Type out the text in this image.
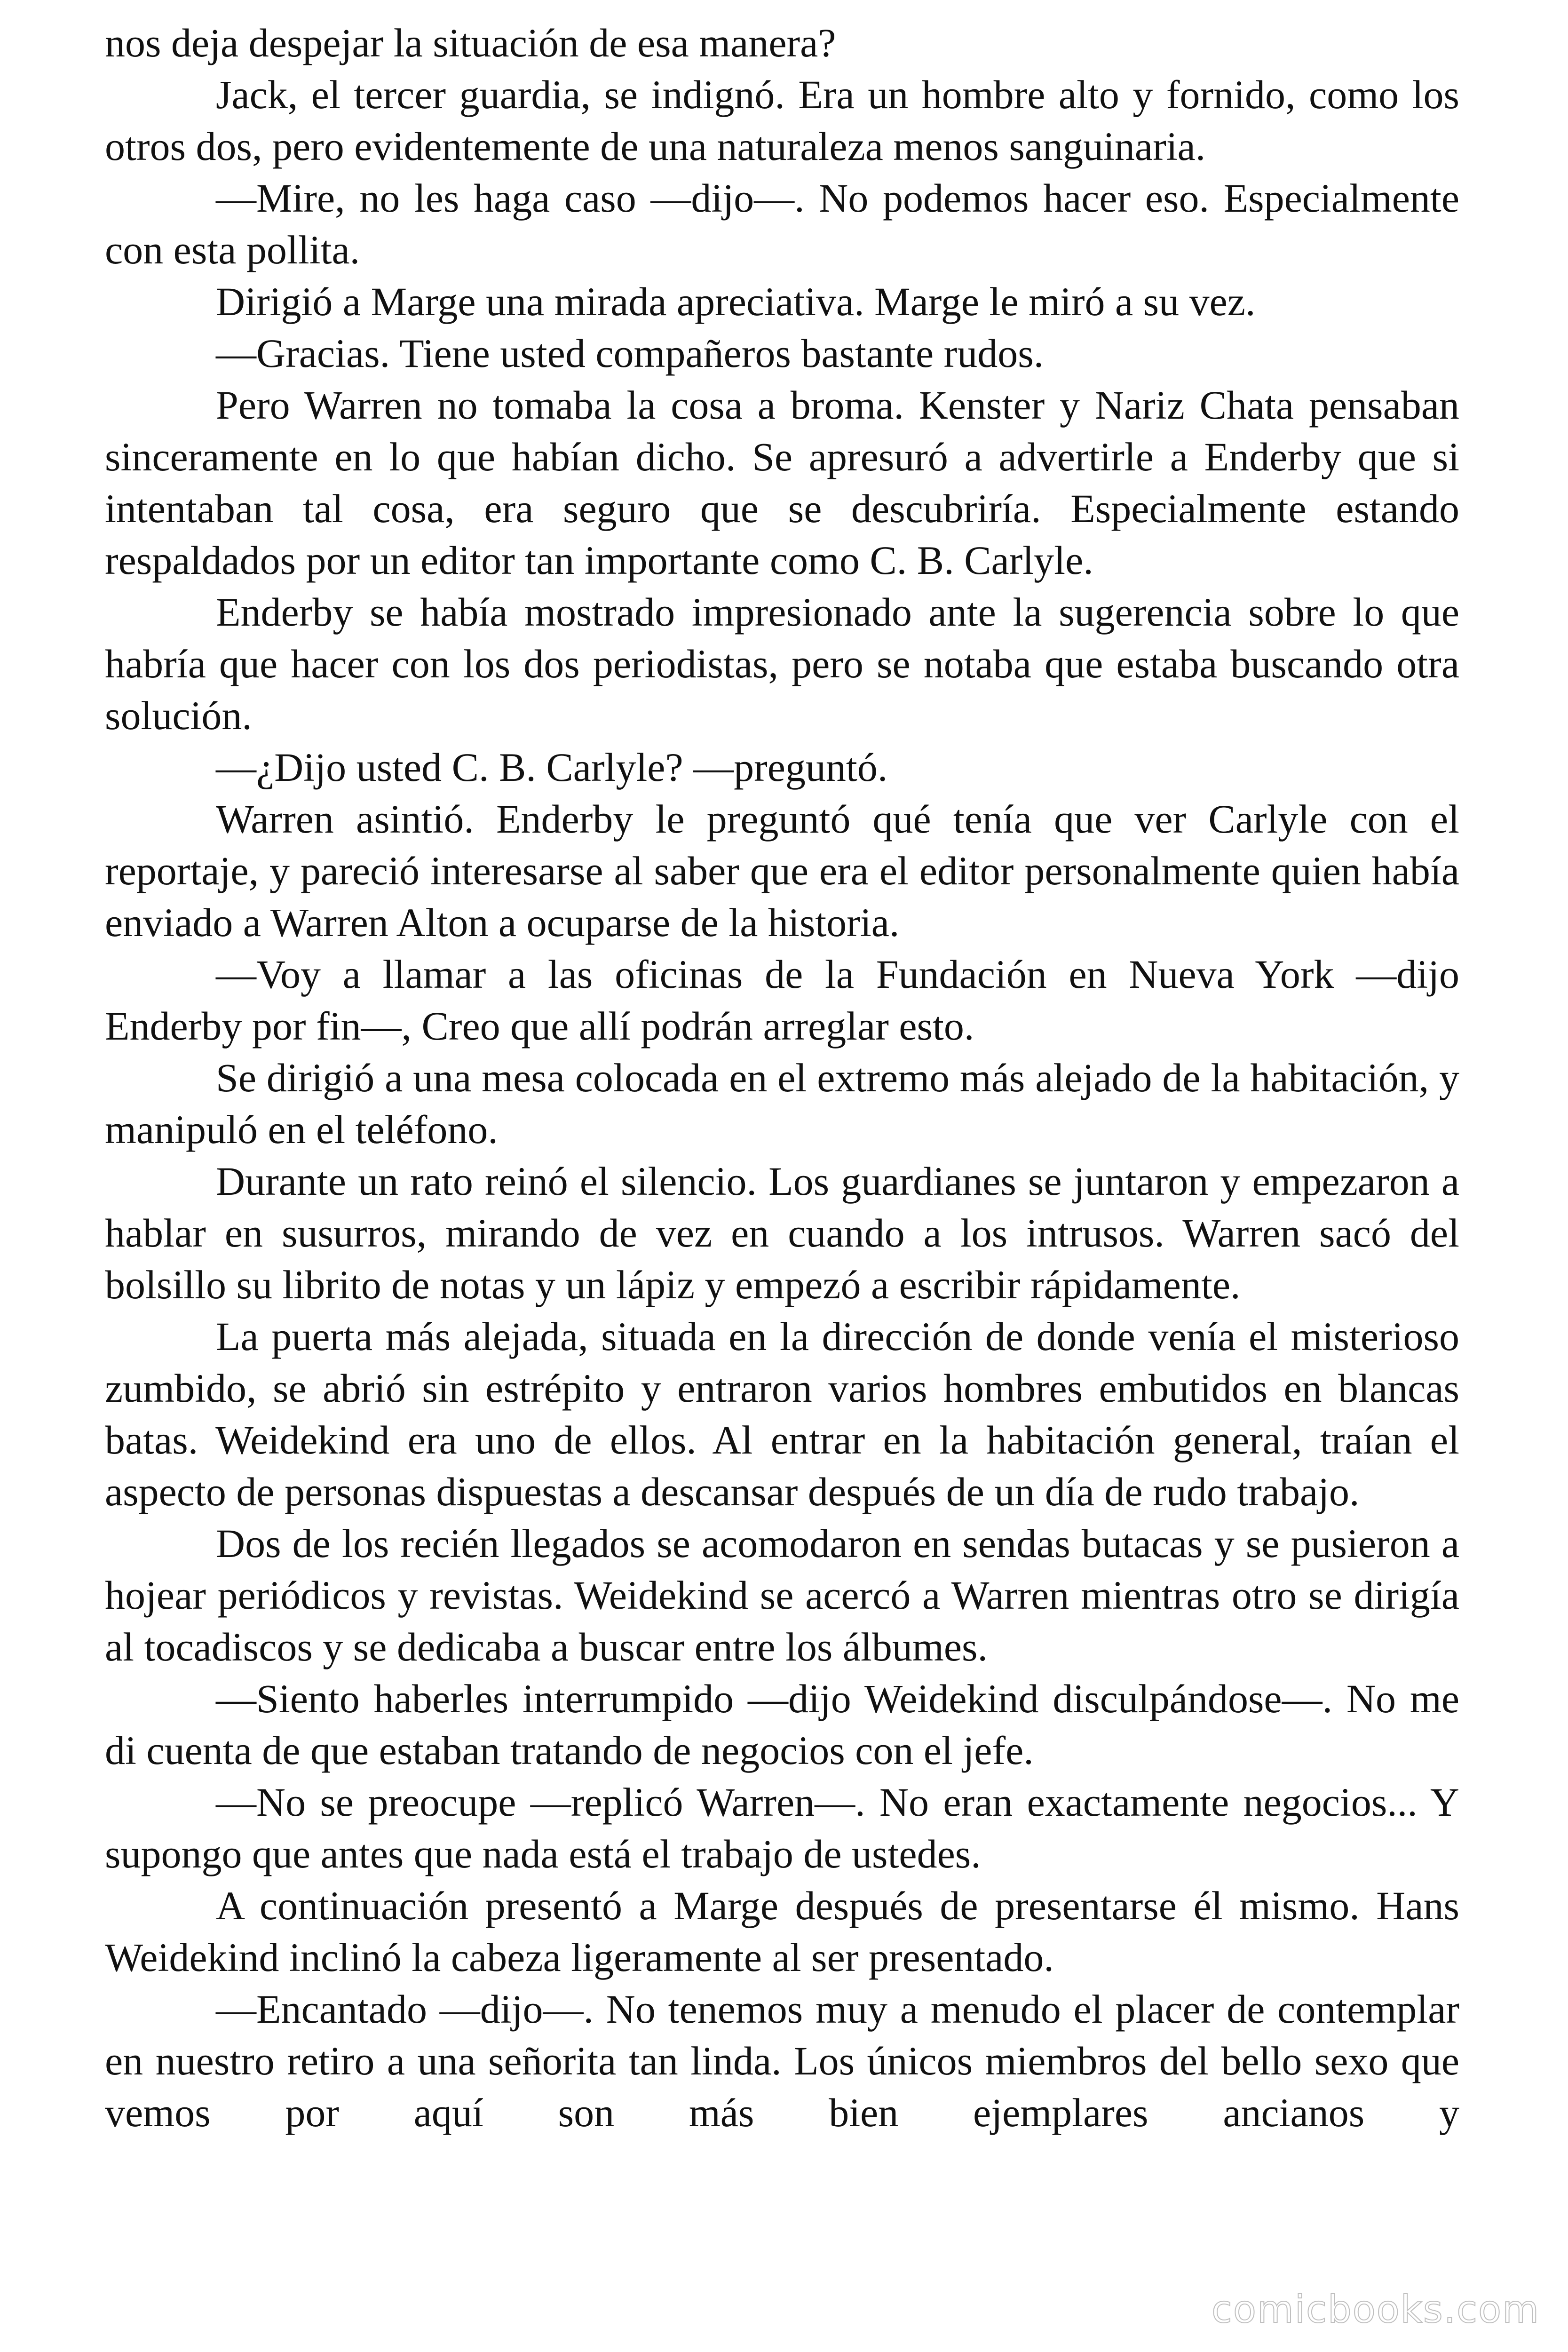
nos deja despejar la situación de esa manera?

Jack, el tercer guardia, se indignó. Era un hombre alto y fornido, como los otros dos, pero evidentemente de una naturaleza menos sanguinaria.

—Mire, no les haga caso —dijo—. No podemos hacer eso. Especialmente con esta pollita.

Dirigió a Marge una mirada apreciativa. Marge le miró a su vez.

—Gracias. Tiene usted compañeros bastante rudos.

Pero Warren no tomaba la cosa a broma. Kenster y Nariz Chata pensaban sinceramente en lo que habían dicho. Se apresuró a advertirle a Enderby que si intentaban tal cosa, era seguro que se descubriría. Especialmente estando respaldados por un editor tan importante como C. B. Carlyle.

Enderby se había mostrado impresionado ante la sugerencia sobre lo que habría que hacer con los dos periodistas, pero se notaba que estaba buscando otra solución.

—¿Dijo usted C. B. Carlyle? —preguntó.

Warren asintió. Enderby le preguntó qué tenía que ver Carlyle con el reportaje, y pareció interesarse al saber que era el editor personalmente quien había enviado a Warren Alton a ocuparse de la historia.

—Voy a llamar a las oficinas de la Fundación en Nueva York —dijo Enderby por fin—, Creo que allí podrán arreglar esto.

Se dirigió a una mesa colocada en el extremo más alejado de la habitación, y manipuló en el teléfono.

Durante un rato reinó el silencio. Los guardianes se juntaron y empezaron a hablar en susurros, mirando de vez en cuando a los intrusos. Warren sacó del bolsillo su librito de notas y un lápiz y empezó a escribir rápidamente.

La puerta más alejada, situada en la dirección de donde venía el misterioso zumbido, se abrió sin estrépito y entraron varios hombres embutidos en blancas batas. Weidekind era uno de ellos. Al entrar en la habitación general, traían el aspecto de personas dispuestas a descansar después de un día de rudo trabajo.

Dos de los recién llegados se acomodaron en sendas butacas y se pusieron a hojear periódicos y revistas. Weidekind se acercó a Warren mientras otro se dirigía al tocadiscos y se dedicaba a buscar entre los álbumes.

—Siento haberles interrumpido —dijo Weidekind disculpándose—. No me di cuenta de que estaban tratando de negocios con el jefe.

—No se preocupe —replicó Warren—. No eran exactamente negocios... Y supongo que antes que nada está el trabajo de ustedes.

A continuación presentó a Marge después de presentarse él mismo. Hans Weidekind inclinó la cabeza ligeramente al ser presentado.

—Encantado —dijo—. No tenemos muy a menudo el placer de contemplar en nuestro retiro a una señorita tan linda. Los únicos miembros del bello sexo que vemos por aquí son más bien ejemplares ancianos y

comicbooks.com
